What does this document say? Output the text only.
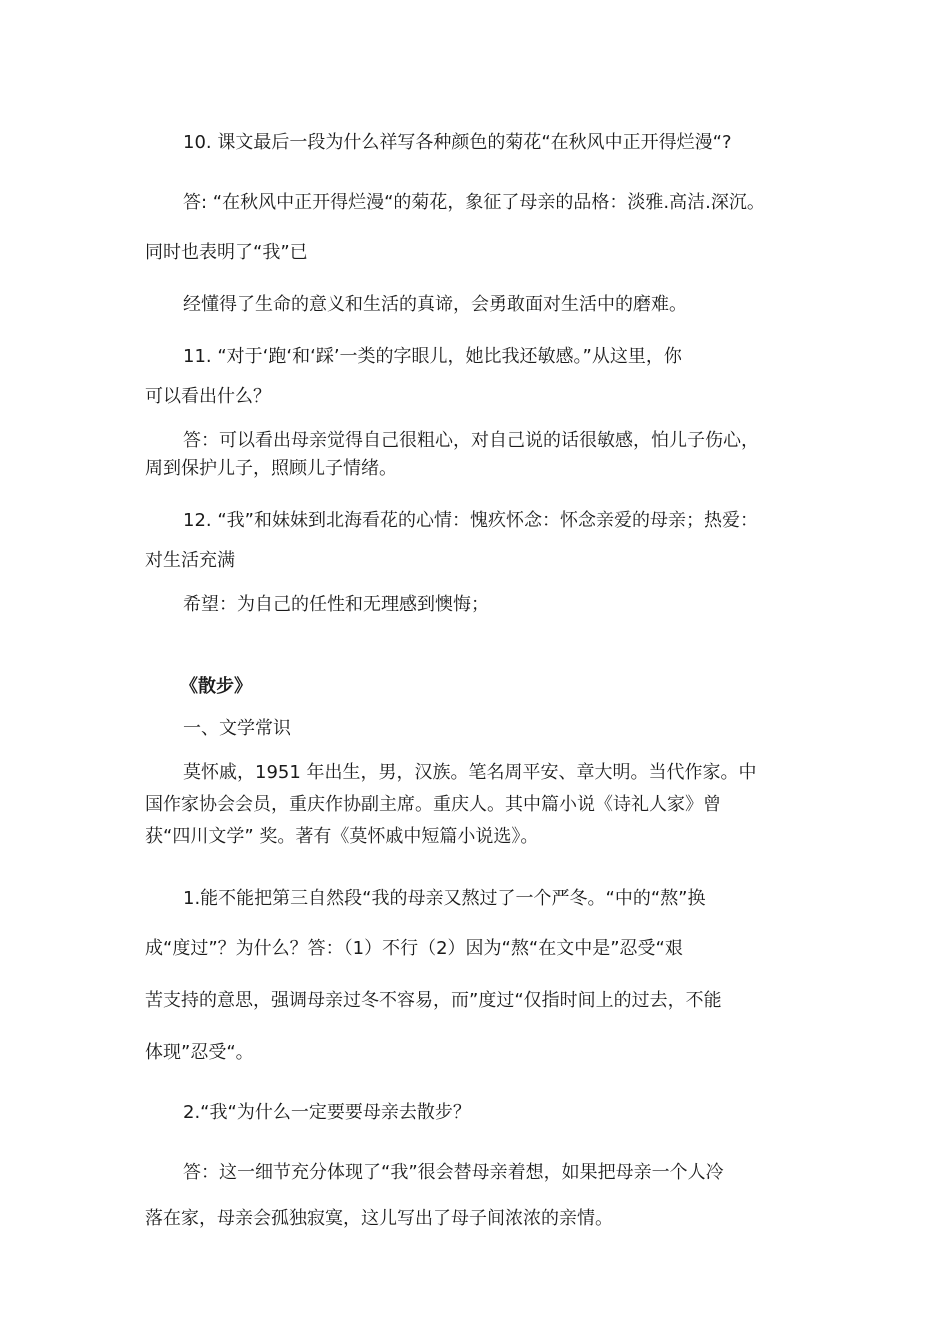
10. 课文最后一段为什么祥写各种颜色的菊花“在秋风中正开得烂漫“?

答: “在秋风中正开得烂漫“的菊花，象征了母亲的品格：淡雅.高洁.深沉。

同时也表明了“我”已

经懂得了生命的意义和生活的真谛，会勇敢面对生活中的磨难。

11. “对于‘跑‘和‘踩’一类的字眼儿，她比我还敏感。”从这里，你

可以看出什么？

答：可以看出母亲觉得自己很粗心，对自己说的话很敏感，怕儿子伤心，

周到保护儿子，照顾儿子情绪。

12. “我”和妹妹到北海看花的心情：愧疚怀念：怀念亲爱的母亲；热爱：

对生活充满

希望：为自己的任性和无理感到懊悔；

《散步》

一、文学常识

莫怀戚，1951 年出生，男，汉族。笔名周平安、章大明。当代作家。中

国作家协会会员，重庆作协副主席。重庆人。其中篇小说《诗礼人家》曾

获“四川文学” 奖。著有《莫怀戚中短篇小说选》。

1.能不能把第三自然段“我的母亲又熬过了一个严冬。“中的“熬”换

成“度过”？为什么？答：（1）不行（2）因为“熬“在文中是”忍受“艰

苦支持的意思，强调母亲过冬不容易，而”度过“仅指时间上的过去，不能

体现”忍受“。

2.“我“为什么一定要要母亲去散步？

答：这一细节充分体现了“我”很会替母亲着想，如果把母亲一个人冷

落在家，母亲会孤独寂寞，这儿写出了母子间浓浓的亲情。
